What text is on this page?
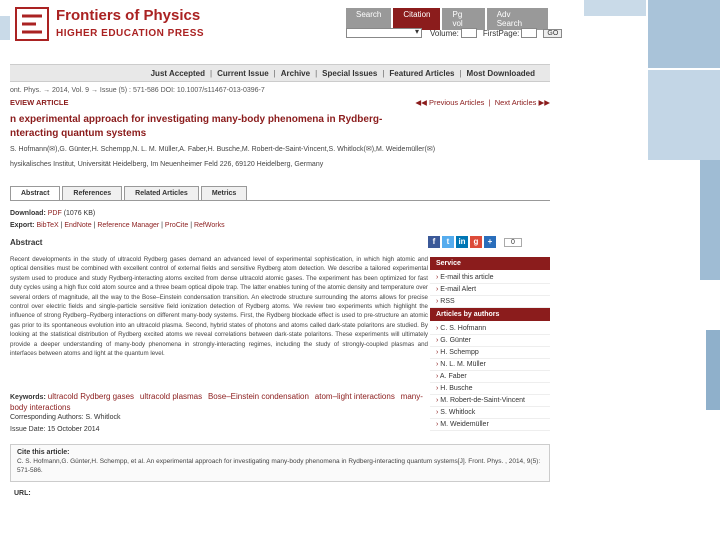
Frontiers of Physics
HIGHER EDUCATION PRESS
Search	Citation	Pg vol
Adv Search
▾
Volume:	FirstPage:	GO
Just Accepted | Current Issue | Archive | Special Issues | Featured Articles | Most Downloaded
ont. Phys. → 2014, Vol. 9 → Issue (5) : 571-586 DOI: 10.1007/s11467-013-0396-7
EVIEW ARTICLE	◀◀ Previous Articles  |  Next Articles ▶▶
n experimental approach for investigating many-body phenomena in Rydberg-
nteracting quantum systems
S. Hofmann(✉),G. Günter,H. Schempp,N. L. M. Müller,A. Faber,H. Busche,M. Robert-de-Saint-Vincent,S. Whitlock(✉),M. Weidemüller(✉)
hysikalisches Institut, Universität Heidelberg, Im Neuenheimer Feld 226, 69120 Heidelberg, Germany
Abstract	References	Related Articles	Metrics
Download: PDF (1076 KB)
Export: BibTeX | EndNote | Reference Manager | ProCite | RefWorks
Abstract	f	t	in	g	+	0
Recent developments in the study of ultracold Rydberg gases demand an advanced level of experimental sophistication, in which high atomic and optical densities must be combined with excellent control of external fields and sensitive Rydberg atom detection. We describe a tailored experimental system used to produce and study Rydberg-interacting atoms excited from dense ultracold atomic gases. The experiment has been optimized for fast duty cycles using a high flux cold atom source and a three beam optical dipole trap. The latter enables tuning of the atomic density and temperature over several orders of magnitude, all the way to the Bose–Einstein condensation transition. An electrode structure surrounding the atoms allows for precise control over electric fields and single-particle sensitive field ionization detection of Rydberg atoms. We review two experiments which highlight the influence of strong Rydberg–Rydberg interactions on different many-body systems. First, the Rydberg blockade effect is used to pre-structure an atomic gas prior to its spontaneous evolution into an ultracold plasma. Second, hybrid states of photons and atoms called dark-state polaritons are studied. By looking at the statistical distribution of Rydberg excited atoms we reveal correlations between dark-state polaritons. These experiments will ultimately provide a deeper understanding of many-body phenomena in strongly-interacting regimes, including the study of strongly-coupled plasmas and interfaces between atoms and light at the quantum level.
Service
› E-mail this article
› E-mail Alert
› RSS
Articles by authors
› C. S. Hofmann
› G. Günter
› H. Schempp
› N. L. M. Müller
› A. Faber
› H. Busche
› M. Robert-de-Saint-Vincent
› S. Whitlock
› M. Weidemüller
Keywords: ultracold Rydberg gases ultracold plasmas Bose–Einstein condensation atom–light interactions many-body interactions
Corresponding Authors: S. Whitlock
Issue Date: 15 October 2014
Cite this article:
C. S. Hofmann,G. Günter,H. Schempp, et al. An experimental approach for investigating many-body phenomena in Rydberg-interacting quantum systems[J]. Front. Phys. , 2014, 9(5): 571-586.
URL:
